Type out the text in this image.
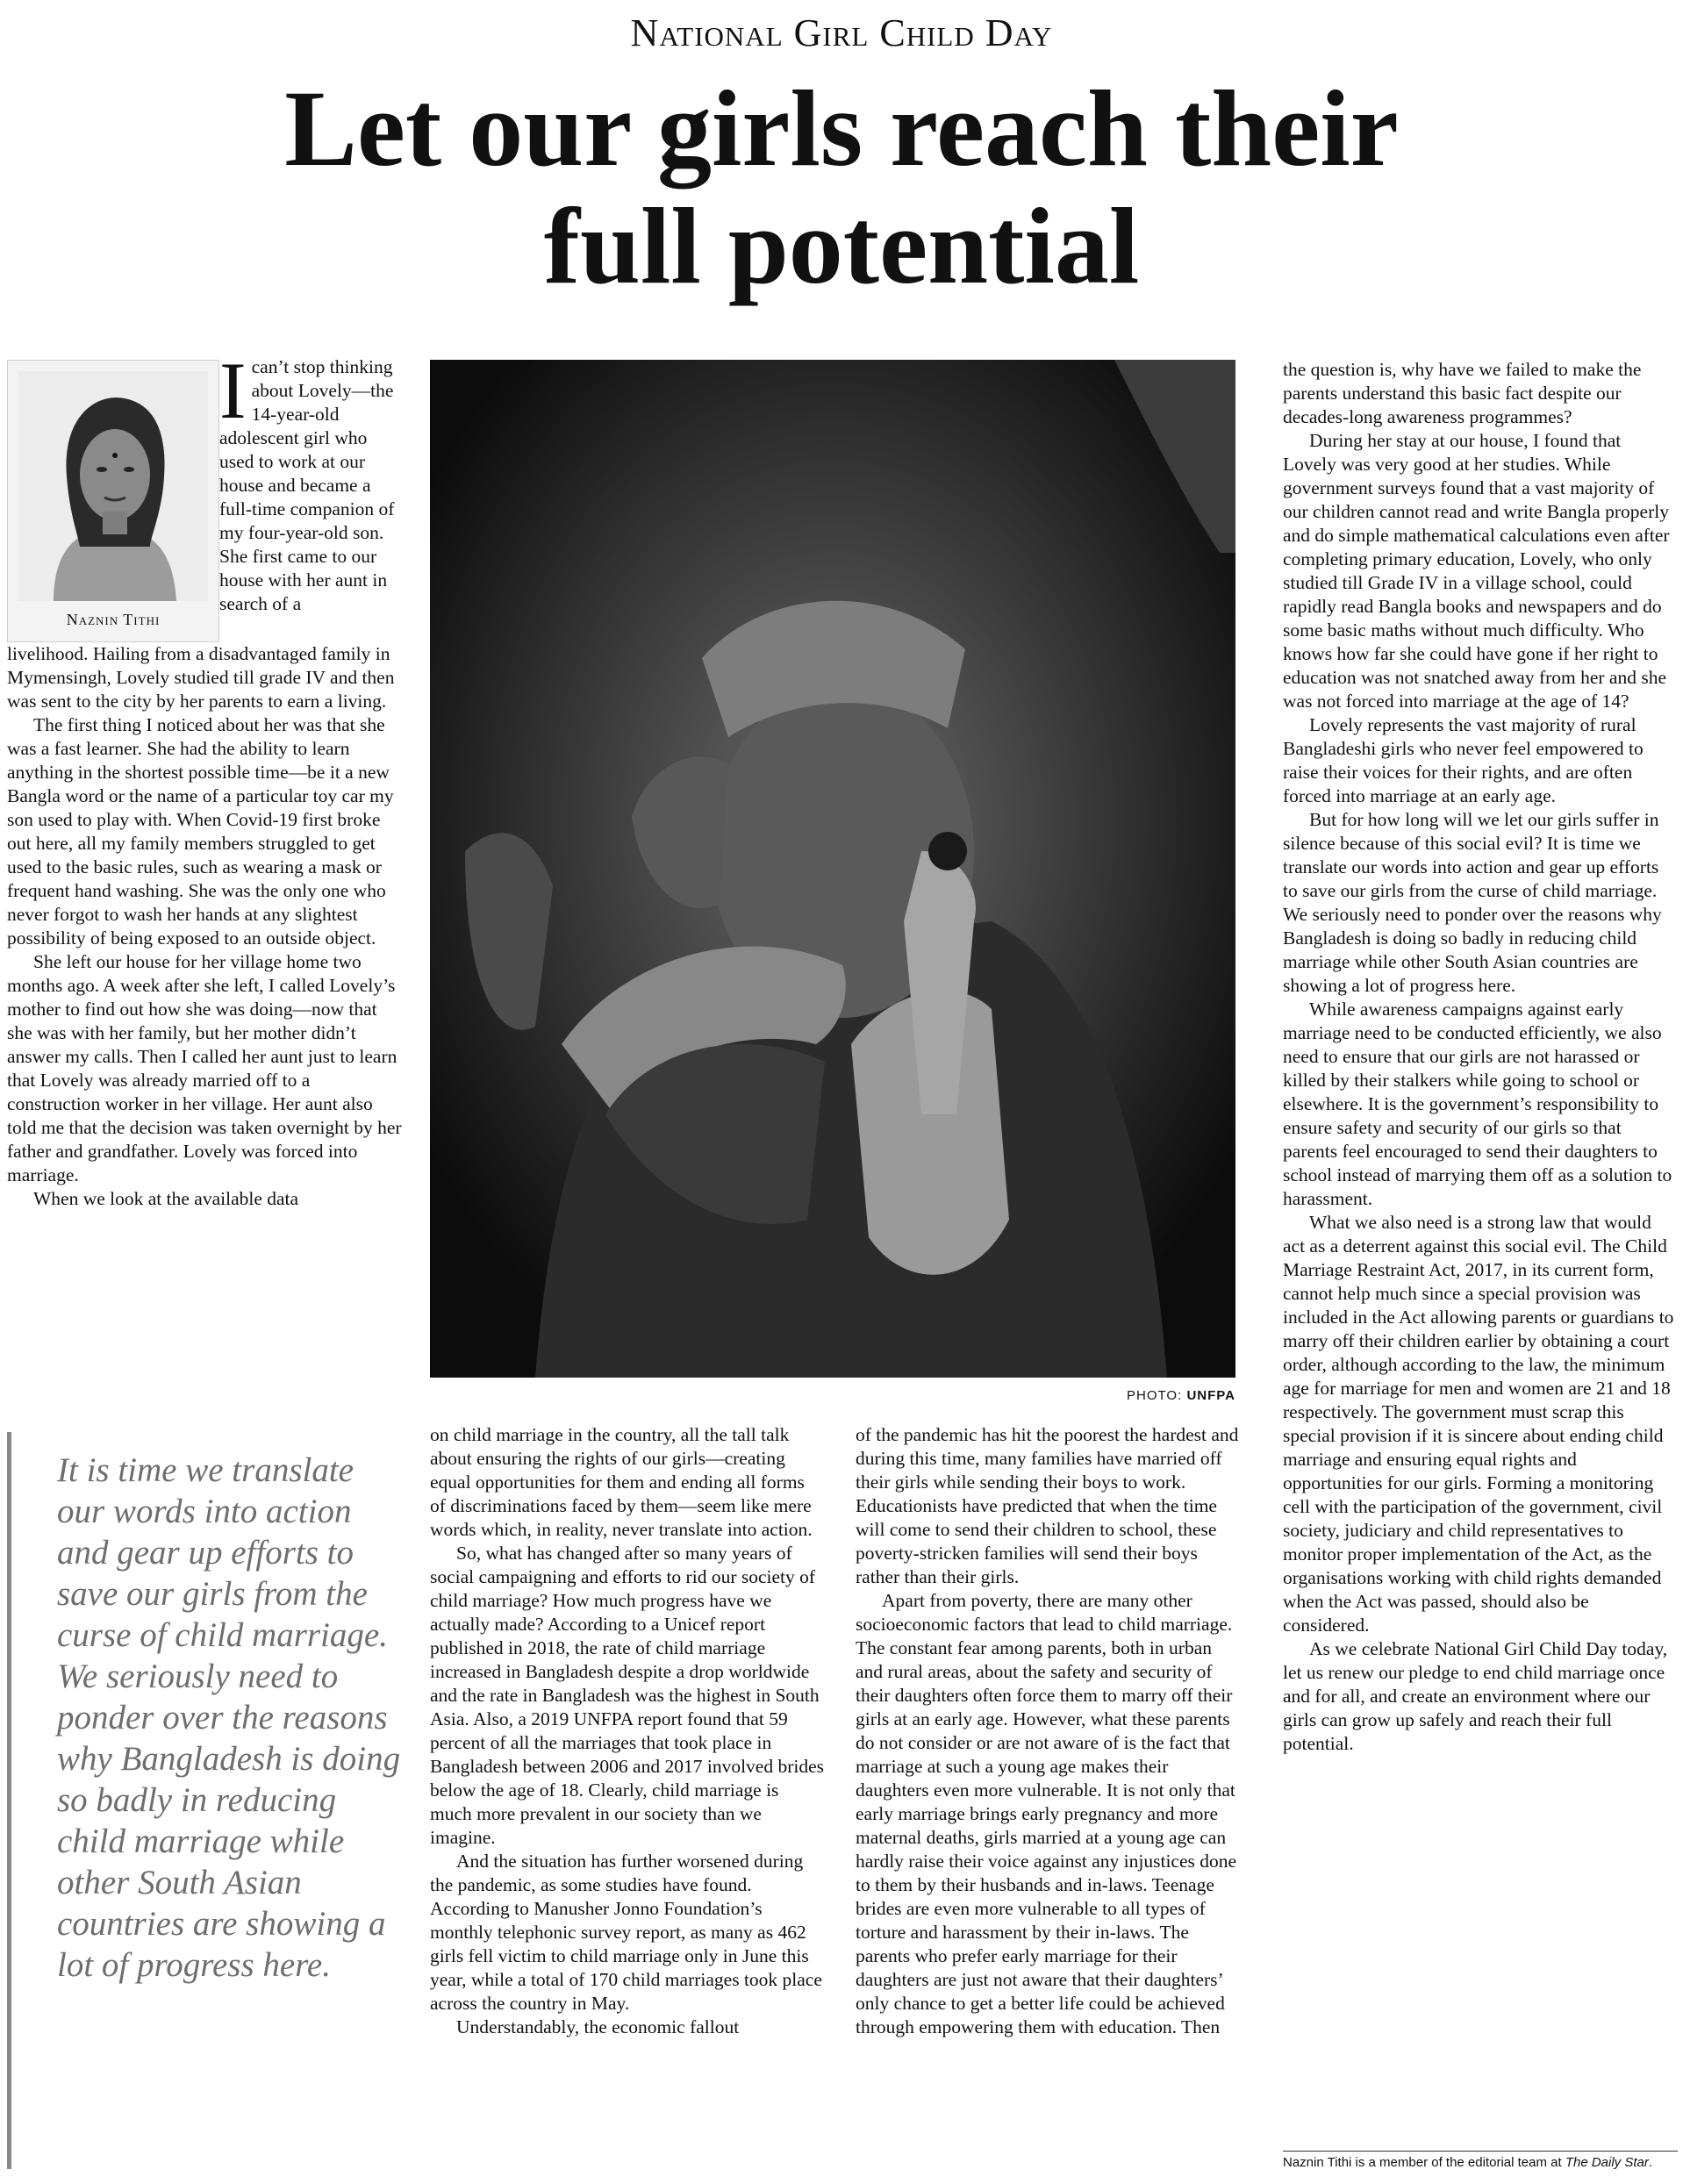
National Girl Child Day
Let our girls reach their
full potential
Naznin Tithi
Ican’t stop thinking about Lovely—the 14-year-old adolescent girl who used to work at our house and became a full-time companion of my four-year-old son. She first came to our house with her aunt in search of a

livelihood. Hailing from a disadvantaged family in Mymensingh, Lovely studied till grade IV and then was sent to the city by her parents to earn a living.

The first thing I noticed about her was that she was a fast learner. She had the ability to learn anything in the shortest possible time—be it a new Bangla word or the name of a particular toy car my son used to play with. When Covid-19 first broke out here, all my family members struggled to get used to the basic rules, such as wearing a mask or frequent hand washing. She was the only one who never forgot to wash her hands at any slightest possibility of being exposed to an outside object.

She left our house for her village home two months ago. A week after she left, I called Lovely’s mother to find out how she was doing—now that she was with her family, but her mother didn’t answer my calls. Then I called her aunt just to learn that Lovely was already married off to a construction worker in her village. Her aunt also told me that the decision was taken overnight by her father and grandfather. Lovely was forced into marriage.

When we look at the available data

PHOTO: UNFPA
It is time we translate our words into action and gear up efforts to save our girls from the curse of child marriage. We seriously need to ponder over the reasons why Bangladesh is doing so badly in reducing child marriage while other South Asian countries are showing a lot of progress here.

on child marriage in the country, all the tall talk about ensuring the rights of our girls—creating equal opportunities for them and ending all forms of discriminations faced by them—seem like mere words which, in reality, never translate into action.

So, what has changed after so many years of social campaigning and efforts to rid our society of child marriage? How much progress have we actually made? According to a Unicef report published in 2018, the rate of child marriage increased in Bangladesh despite a drop worldwide and the rate in Bangladesh was the highest in South Asia. Also, a 2019 UNFPA report found that 59 percent of all the marriages that took place in Bangladesh between 2006 and 2017 involved brides below the age of 18. Clearly, child marriage is much more prevalent in our society than we imagine.

And the situation has further worsened during the pandemic, as some studies have found. According to Manusher Jonno Foundation’s monthly telephonic survey report, as many as 462 girls fell victim to child marriage only in June this year, while a total of 170 child marriages took place across the country in May.

Understandably, the economic fallout

of the pandemic has hit the poorest the hardest and during this time, many families have married off their girls while sending their boys to work. Educationists have predicted that when the time will come to send their children to school, these poverty-stricken families will send their boys rather than their girls.

Apart from poverty, there are many other socioeconomic factors that lead to child marriage. The constant fear among parents, both in urban and rural areas, about the safety and security of their daughters often force them to marry off their girls at an early age. However, what these parents do not consider or are not aware of is the fact that marriage at such a young age makes their daughters even more vulnerable. It is not only that early marriage brings early pregnancy and more maternal deaths, girls married at a young age can hardly raise their voice against any injustices done to them by their husbands and in-laws. Teenage brides are even more vulnerable to all types of torture and harassment by their in-laws. The parents who prefer early marriage for their daughters are just not aware that their daughters’ only chance to get a better life could be achieved through empowering them with education. Then

the question is, why have we failed to make the parents understand this basic fact despite our decades-long awareness programmes?

During her stay at our house, I found that Lovely was very good at her studies. While government surveys found that a vast majority of our children cannot read and write Bangla properly and do simple mathematical calculations even after completing primary education, Lovely, who only studied till Grade IV in a village school, could rapidly read Bangla books and newspapers and do some basic maths without much difficulty. Who knows how far she could have gone if her right to education was not snatched away from her and she was not forced into marriage at the age of 14?

Lovely represents the vast majority of rural Bangladeshi girls who never feel empowered to raise their voices for their rights, and are often forced into marriage at an early age.

But for how long will we let our girls suffer in silence because of this social evil? It is time we translate our words into action and gear up efforts to save our girls from the curse of child marriage. We seriously need to ponder over the reasons why Bangladesh is doing so badly in reducing child marriage while other South Asian countries are showing a lot of progress here.

While awareness campaigns against early marriage need to be conducted efficiently, we also need to ensure that our girls are not harassed or killed by their stalkers while going to school or elsewhere. It is the government’s responsibility to ensure safety and security of our girls so that parents feel encouraged to send their daughters to school instead of marrying them off as a solution to harassment.

What we also need is a strong law that would act as a deterrent against this social evil. The Child Marriage Restraint Act, 2017, in its current form, cannot help much since a special provision was included in the Act allowing parents or guardians to marry off their children earlier by obtaining a court order, although according to the law, the minimum age for marriage for men and women are 21 and 18 respectively. The government must scrap this special provision if it is sincere about ending child marriage and ensuring equal rights and opportunities for our girls. Forming a monitoring cell with the participation of the government, civil society, judiciary and child representatives to monitor proper implementation of the Act, as the organisations working with child rights demanded when the Act was passed, should also be considered.

As we celebrate National Girl Child Day today, let us renew our pledge to end child marriage once and for all, and create an environment where our girls can grow up safely and reach their full potential.

Naznin Tithi is a member of the editorial team at The Daily Star.
